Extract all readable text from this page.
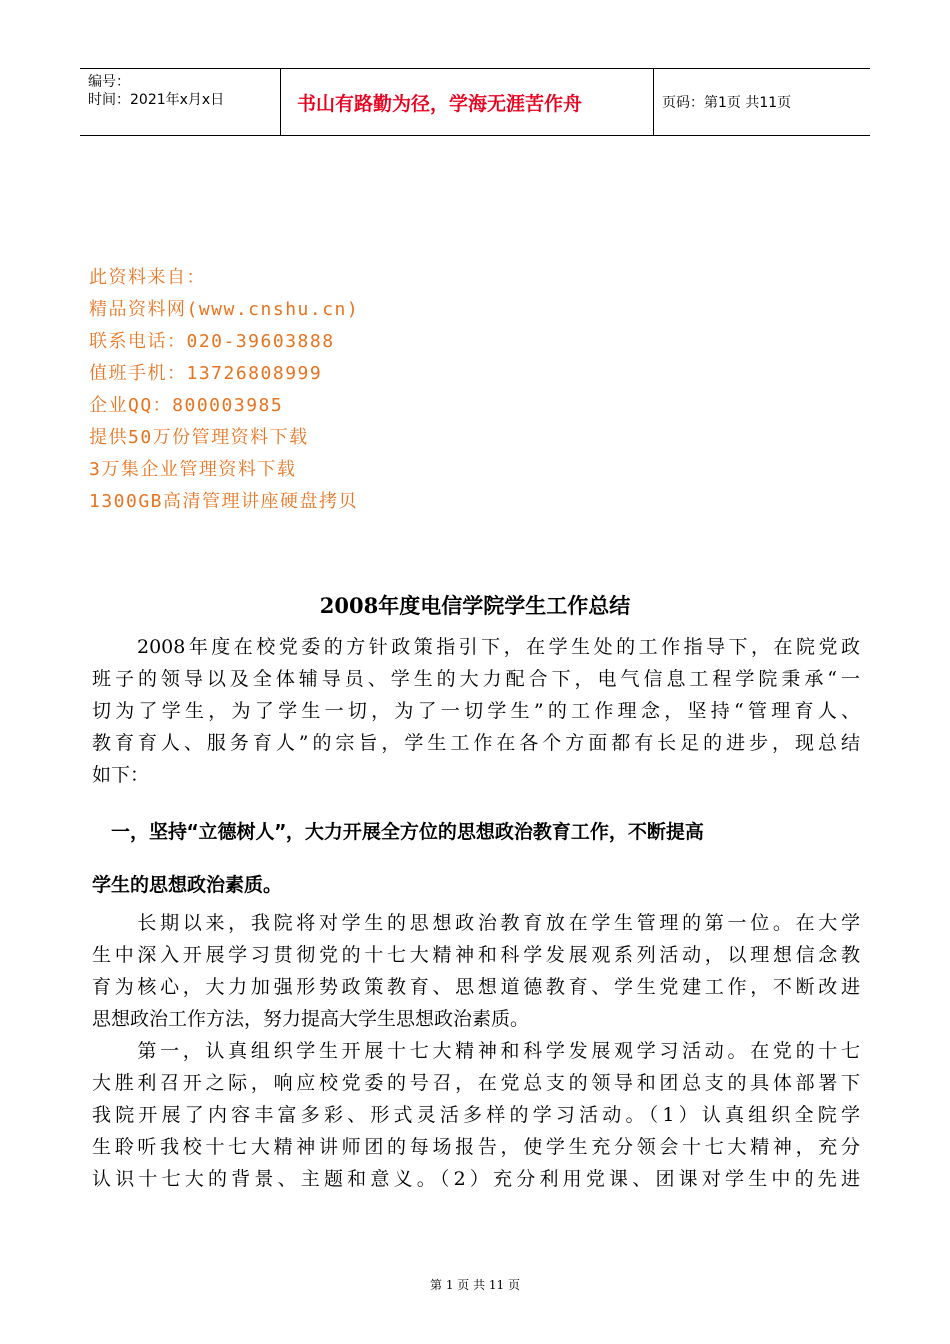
编号：
时间：2021年x月x日	书山有路勤为径，学海无涯苦作舟	页码：第1页 共11页
此资料来自：
精品资料网(www.cnshu.cn)
联系电话：020-39603888
值班手机：13726808999
企业QQ：800003985
提供50万份管理资料下载
3万集企业管理资料下载
1300GB高清管理讲座硬盘拷贝
2008年度电信学院学生工作总结
　　2008年度在校党委的方针政策指引下，在学生处的工作指导下，在院党政
班子的领导以及全体辅导员、学生的大力配合下，电气信息工程学院秉承“一
切为了学生，为了学生一切，为了一切学生”的工作理念，坚持“管理育人、
教育育人、服务育人”的宗旨，学生工作在各个方面都有长足的进步，现总结
如下：
　一，坚持“立德树人”，大力开展全方位的思想政治教育工作，不断提高
学生的思想政治素质。
　　长期以来，我院将对学生的思想政治教育放在学生管理的第一位。在大学
生中深入开展学习贯彻党的十七大精神和科学发展观系列活动，以理想信念教
育为核心，大力加强形势政策教育、思想道德教育、学生党建工作，不断改进
思想政治工作方法，努力提高大学生思想政治素质。
　　第一，认真组织学生开展十七大精神和科学发展观学习活动。在党的十七
大胜利召开之际，响应校党委的号召，在党总支的领导和团总支的具体部署下
我院开展了内容丰富多彩、形式灵活多样的学习活动。（1）认真组织全院学
生聆听我校十七大精神讲师团的每场报告，使学生充分领会十七大精神，充分
认识十七大的背景、主题和意义。（2）充分利用党课、团课对学生中的先进
第 1 页 共 11 页
